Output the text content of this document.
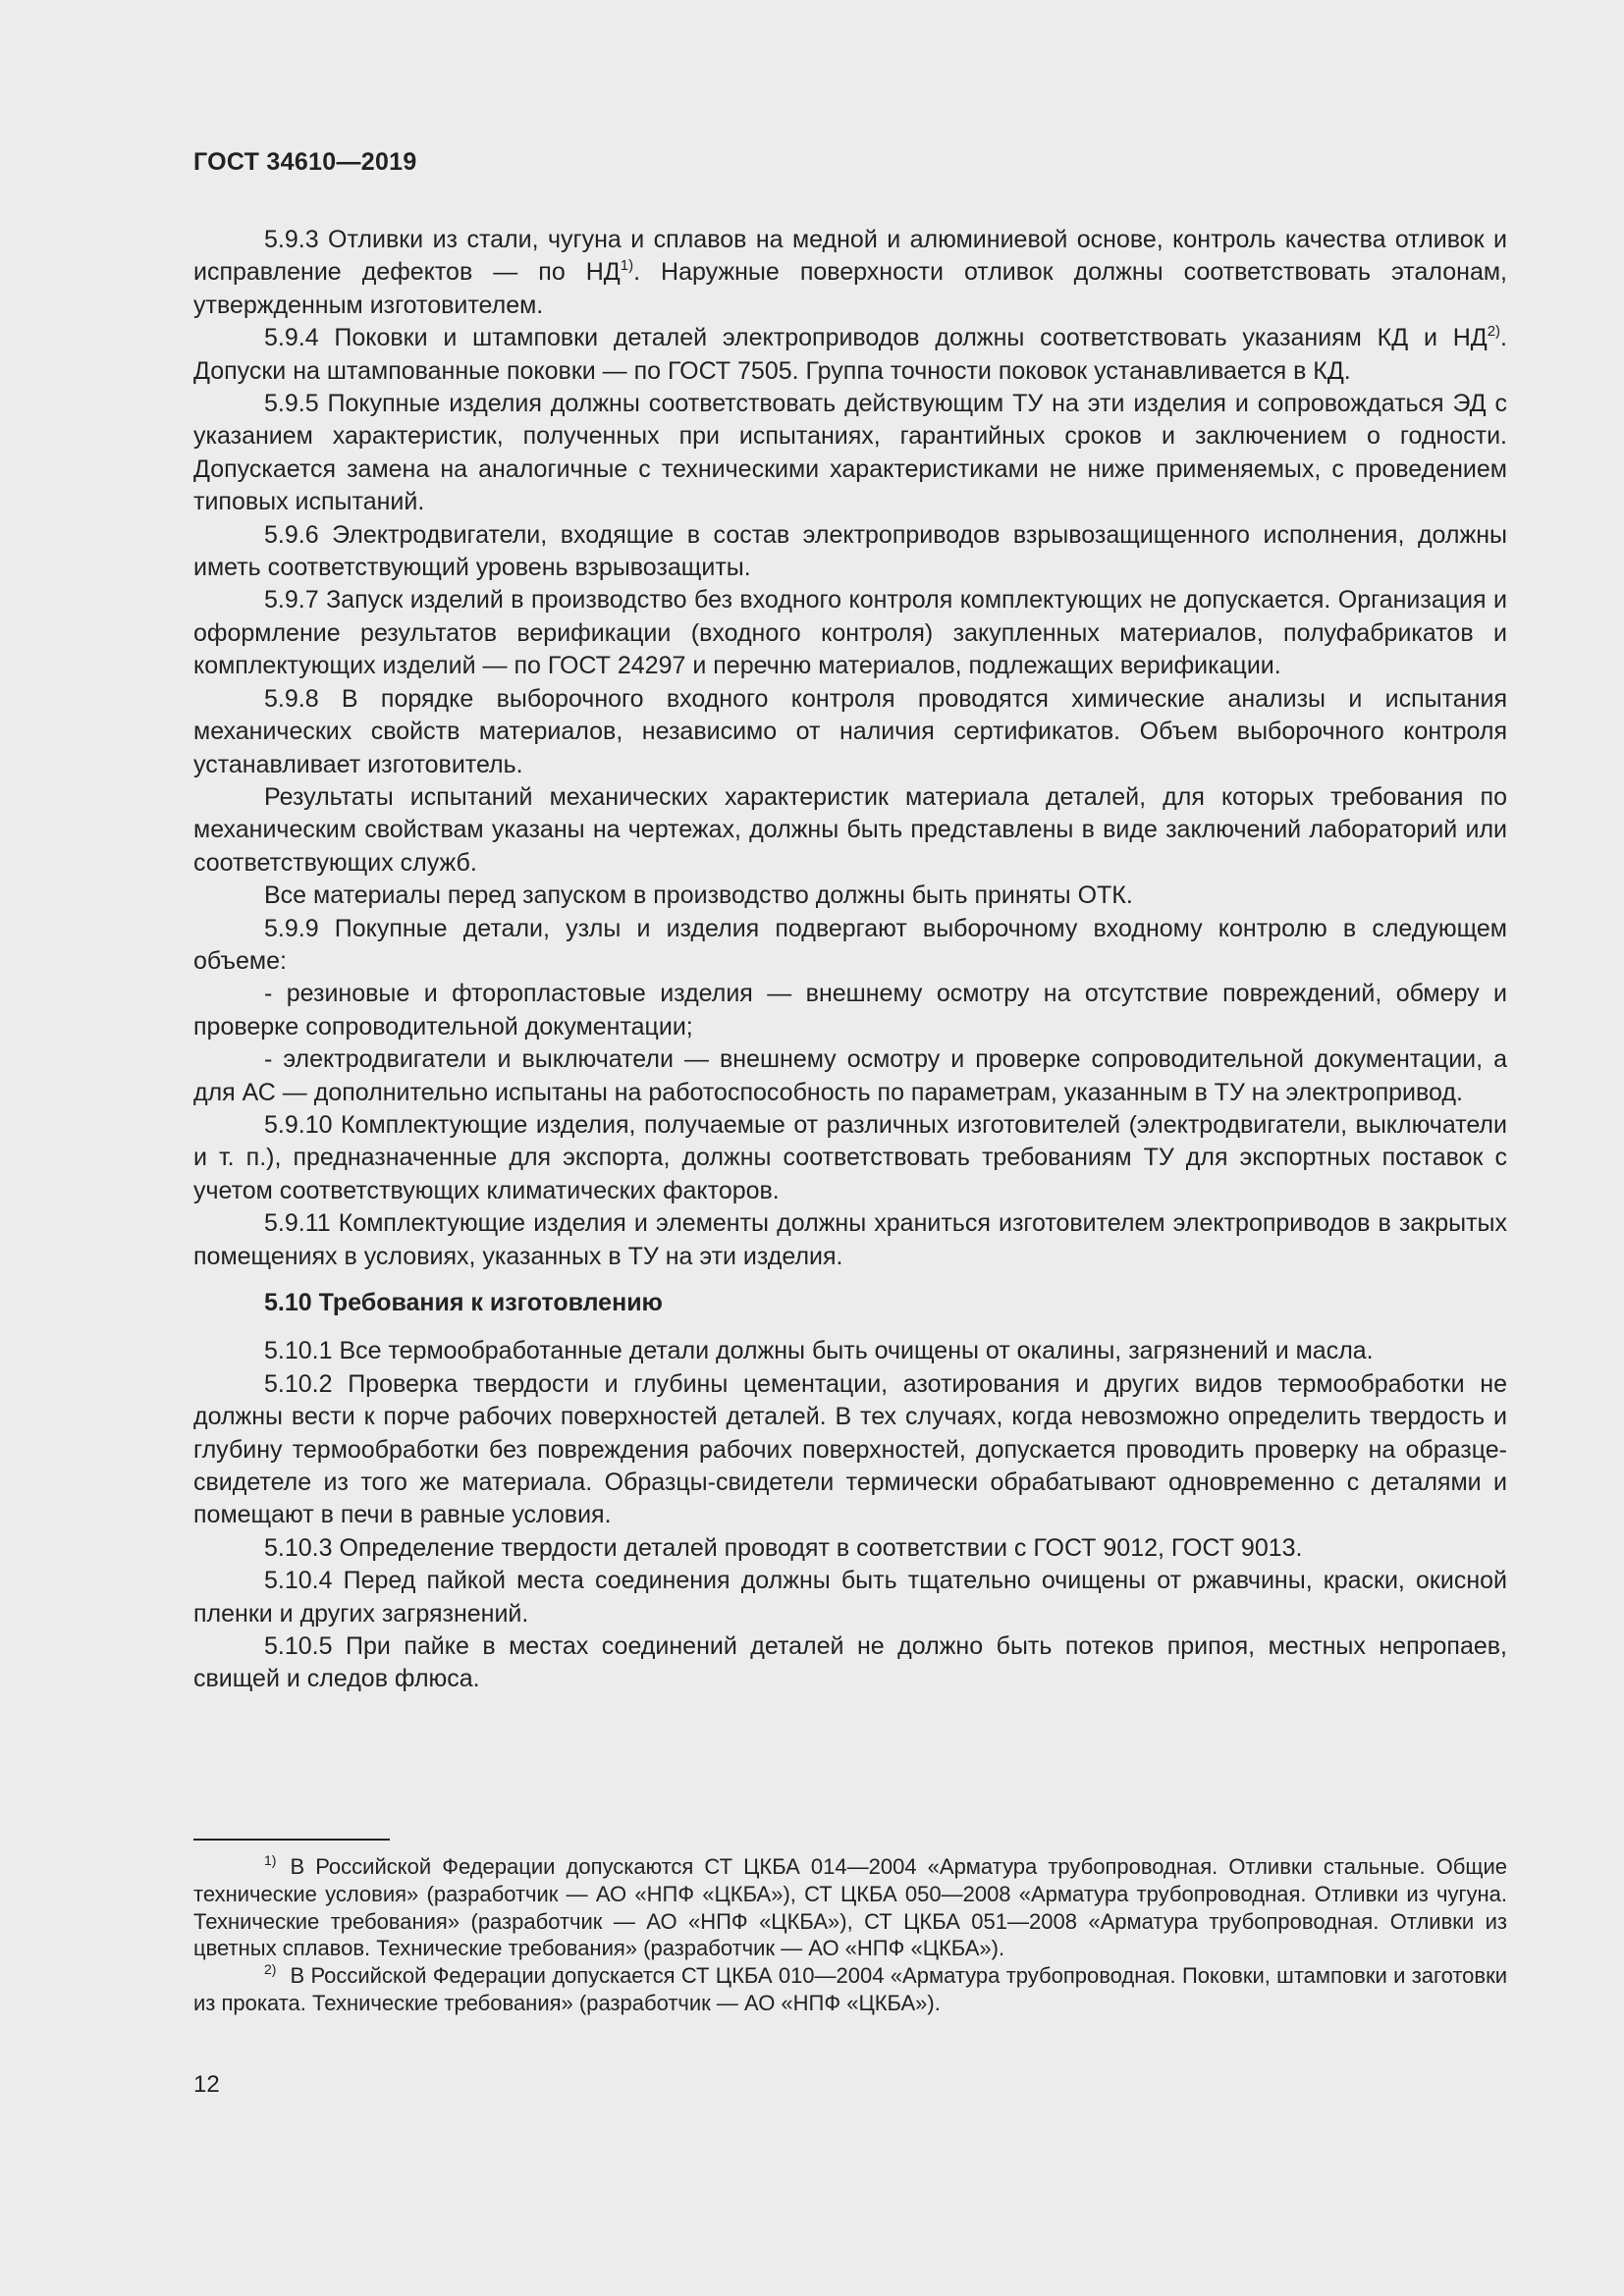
ГОСТ 34610—2019

5.9.3 Отливки из стали, чугуна и сплавов на медной и алюминиевой основе, контроль качества отливок и исправление дефектов — по НД$^{1)}$. Наружные поверхности отливок должны соответствовать эталонам, утвержденным изготовителем.

5.9.4 Поковки и штамповки деталей электроприводов должны соответствовать указаниям КД и НД$^{2)}$. Допуски на штампованные поковки — по ГОСТ 7505. Группа точности поковок устанавливается в КД.

5.9.5 Покупные изделия должны соответствовать действующим ТУ на эти изделия и сопровождаться ЭД с указанием характеристик, полученных при испытаниях, гарантийных сроков и заключением о годности. Допускается замена на аналогичные с техническими характеристиками не ниже применяемых, с проведением типовых испытаний.

5.9.6 Электродвигатели, входящие в состав электроприводов взрывозащищенного исполнения, должны иметь соответствующий уровень взрывозащиты.

5.9.7 Запуск изделий в производство без входного контроля комплектующих не допускается. Организация и оформление результатов верификации (входного контроля) закупленных материалов, полуфабрикатов и комплектующих изделий — по ГОСТ 24297 и перечню материалов, подлежащих верификации.

5.9.8 В порядке выборочного входного контроля проводятся химические анализы и испытания механических свойств материалов, независимо от наличия сертификатов. Объем выборочного контроля устанавливает изготовитель.

Результаты испытаний механических характеристик материала деталей, для которых требования по механическим свойствам указаны на чертежах, должны быть представлены в виде заключений лабораторий или соответствующих служб.

Все материалы перед запуском в производство должны быть приняты ОТК.

5.9.9 Покупные детали, узлы и изделия подвергают выборочному входному контролю в следующем объеме:

- резиновые и фторопластовые изделия — внешнему осмотру на отсутствие повреждений, обмеру и проверке сопроводительной документации;

- электродвигатели и выключатели — внешнему осмотру и проверке сопроводительной документации, а для АС — дополнительно испытаны на работоспособность по параметрам, указанным в ТУ на электропривод.

5.9.10 Комплектующие изделия, получаемые от различных изготовителей (электродвигатели, выключатели и т. п.), предназначенные для экспорта, должны соответствовать требованиям ТУ для экспортных поставок с учетом соответствующих климатических факторов.

5.9.11 Комплектующие изделия и элементы должны храниться изготовителем электроприводов в закрытых помещениях в условиях, указанных в ТУ на эти изделия.

5.10 Требования к изготовлению

5.10.1 Все термообработанные детали должны быть очищены от окалины, загрязнений и масла.

5.10.2 Проверка твердости и глубины цементации, азотирования и других видов термообработки не должны вести к порче рабочих поверхностей деталей. В тех случаях, когда невозможно определить твердость и глубину термообработки без повреждения рабочих поверхностей, допускается проводить проверку на образце-свидетеле из того же материала. Образцы-свидетели термически обрабатывают одновременно с деталями и помещают в печи в равные условия.

5.10.3 Определение твердости деталей проводят в соответствии с ГОСТ 9012, ГОСТ 9013.

5.10.4 Перед пайкой места соединения должны быть тщательно очищены от ржавчины, краски, окисной пленки и других загрязнений.

5.10.5 При пайке в местах соединений деталей не должно быть потеков припоя, местных непропаев, свищей и следов флюса.

$^{1)}$ В Российской Федерации допускаются СТ ЦКБА 014—2004 «Арматура трубопроводная. Отливки стальные. Общие технические условия» (разработчик — АО «НПФ «ЦКБА»), СТ ЦКБА 050—2008 «Арматура трубопроводная. Отливки из чугуна. Технические требования» (разработчик — АО «НПФ «ЦКБА»), СТ ЦКБА 051—2008 «Арматура трубопроводная. Отливки из цветных сплавов. Технические требования» (разработчик — АО «НПФ «ЦКБА»).

$^{2)}$ В Российской Федерации допускается СТ ЦКБА 010—2004 «Арматура трубопроводная. Поковки, штамповки и заготовки из проката. Технические требования» (разработчик — АО «НПФ «ЦКБА»).

12
